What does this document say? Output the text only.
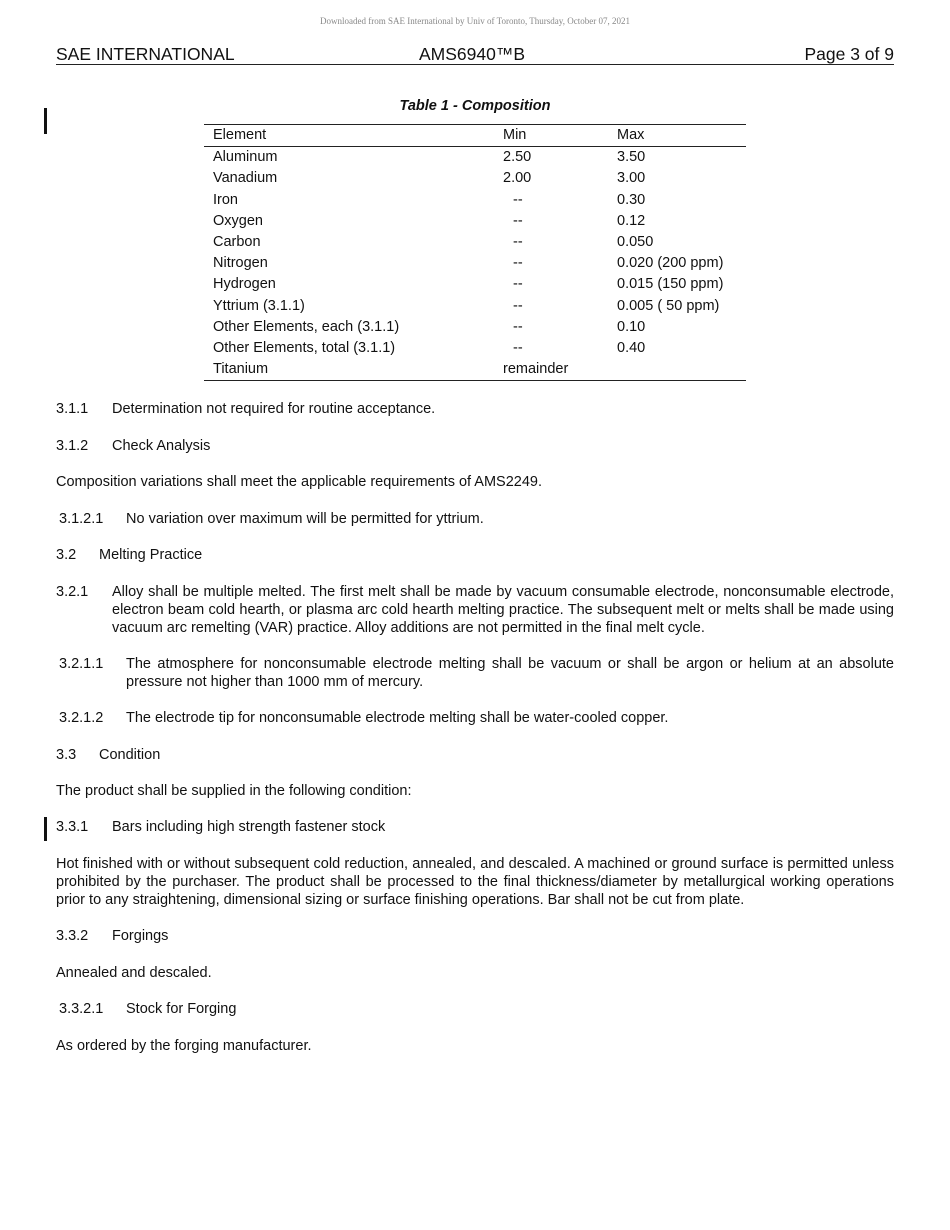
Downloaded from SAE International by Univ of Toronto, Thursday, October 07, 2021
SAE INTERNATIONAL	AMS6940™B	Page 3 of 9
Table 1 - Composition
Element	Min	Max
Aluminum	2.50	3.50
Vanadium	2.00	3.00
Iron	--	0.30
Oxygen	--	0.12
Carbon	--	0.050
Nitrogen	--	0.020 (200 ppm)
Hydrogen	--	0.015 (150 ppm)
Yttrium (3.1.1)	--	0.005 ( 50 ppm)
Other Elements, each (3.1.1)	--	0.10
Other Elements, total (3.1.1)	--	0.40
Titanium	remainder	
3.1.1 Determination not required for routine acceptance.
3.1.2 Check Analysis
Composition variations shall meet the applicable requirements of AMS2249.
3.1.2.1 No variation over maximum will be permitted for yttrium.
3.2 Melting Practice
3.2.1 Alloy shall be multiple melted. The first melt shall be made by vacuum consumable electrode, nonconsumable electrode, electron beam cold hearth, or plasma arc cold hearth melting practice. The subsequent melt or melts shall be made using vacuum arc remelting (VAR) practice. Alloy additions are not permitted in the final melt cycle.
3.2.1.1 The atmosphere for nonconsumable electrode melting shall be vacuum or shall be argon or helium at an absolute pressure not higher than 1000 mm of mercury.
3.2.1.2 The electrode tip for nonconsumable electrode melting shall be water-cooled copper.
3.3 Condition
The product shall be supplied in the following condition:
3.3.1 Bars including high strength fastener stock
Hot finished with or without subsequent cold reduction, annealed, and descaled. A machined or ground surface is permitted unless prohibited by the purchaser. The product shall be processed to the final thickness/diameter by metallurgical working operations prior to any straightening, dimensional sizing or surface finishing operations. Bar shall not be cut from plate.
3.3.2 Forgings
Annealed and descaled.
3.3.2.1 Stock for Forging
As ordered by the forging manufacturer.
